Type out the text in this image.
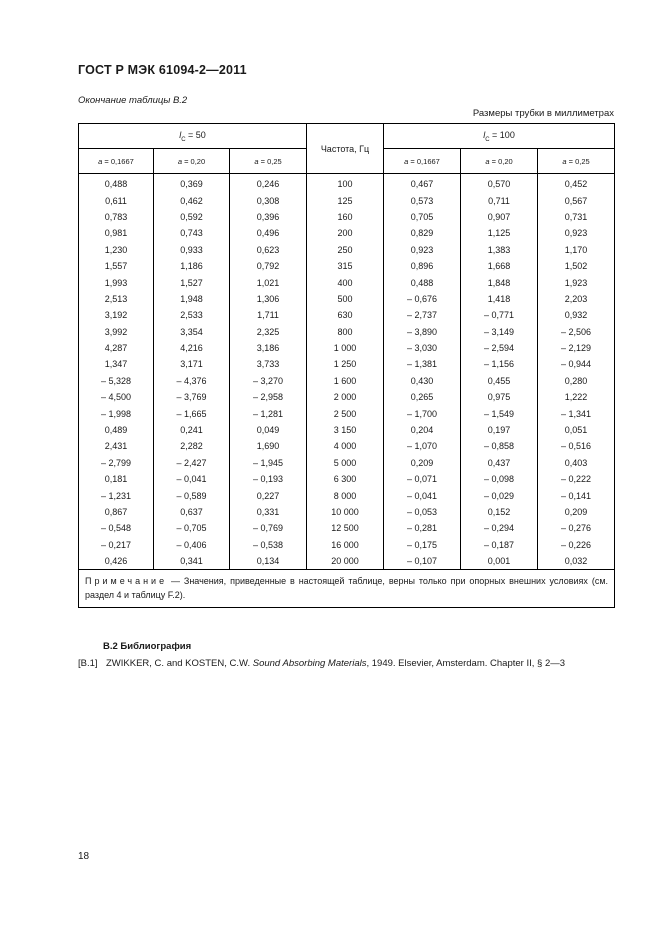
ГОСТ Р МЭК 61094-2—2011
Окончание таблицы В.2
Размеры трубки в миллиметрах
$l_C = 50$			Частота, Гц	$l_C = 100$		
a = 0,1667	a = 0,20	a = 0,25		a = 0,1667	a = 0,20	a = 0,25
0,488	0,369	0,246	100	0,467	0,570	0,452
0,611	0,462	0,308	125	0,573	0,711	0,567
0,783	0,592	0,396	160	0,705	0,907	0,731
0,981	0,743	0,496	200	0,829	1,125	0,923
1,230	0,933	0,623	250	0,923	1,383	1,170
1,557	1,186	0,792	315	0,896	1,668	1,502
1,993	1,527	1,021	400	0,488	1,848	1,923
2,513	1,948	1,306	500	– 0,676	1,418	2,203
3,192	2,533	1,711	630	– 2,737	– 0,771	0,932
3,992	3,354	2,325	800	– 3,890	– 3,149	– 2,506
4,287	4,216	3,186	1 000	– 3,030	– 2,594	– 2,129
1,347	3,171	3,733	1 250	– 1,381	– 1,156	– 0,944
– 5,328	– 4,376	– 3,270	1 600	0,430	0,455	0,280
– 4,500	– 3,769	– 2,958	2 000	0,265	0,975	1,222
– 1,998	– 1,665	– 1,281	2 500	– 1,700	– 1,549	– 1,341
0,489	0,241	0,049	3 150	0,204	0,197	0,051
2,431	2,282	1,690	4 000	– 1,070	– 0,858	– 0,516
– 2,799	– 2,427	– 1,945	5 000	0,209	0,437	0,403
0,181	– 0,041	– 0,193	6 300	– 0,071	– 0,098	– 0,222
– 1,231	– 0,589	0,227	8 000	– 0,041	– 0,029	– 0,141
0,867	0,637	0,331	10 000	– 0,053	0,152	0,209
– 0,548	– 0,705	– 0,769	12 500	– 0,281	– 0,294	– 0,276
– 0,217	– 0,406	– 0,538	16 000	– 0,175	– 0,187	– 0,226
0,426	0,341	0,134	20 000	– 0,107	0,001	0,032
Примечание — Значения, приведенные в настоящей таблице, верны только при опорных внешних условиях (см. раздел 4 и таблицу F.2).						
В.2 Библиография
[В.1] ZWIKKER, C. and KOSTEN, C.W. Sound Absorbing Materials, 1949. Elsevier, Amsterdam. Chapter II, § 2—3
18
